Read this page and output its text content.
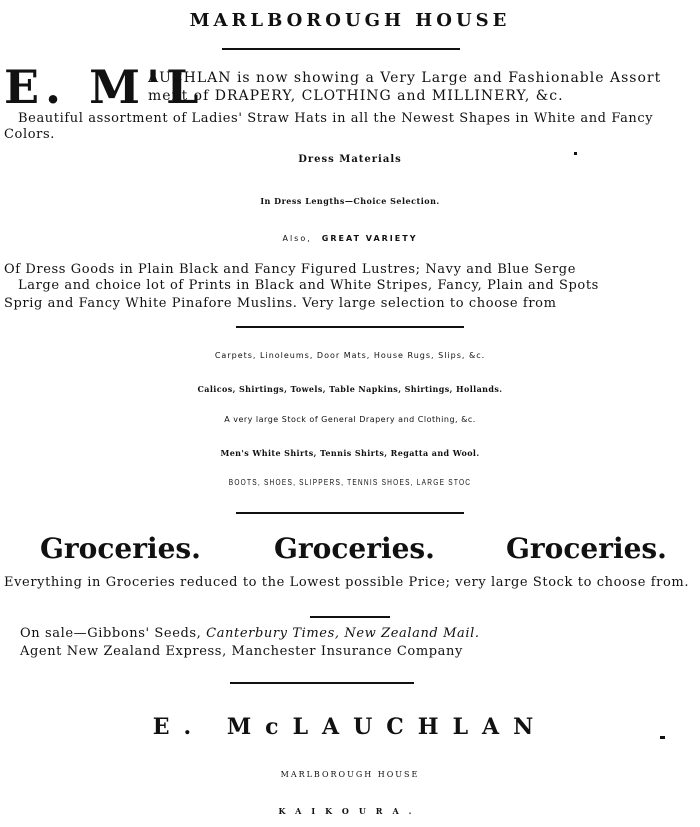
MARLBOROUGH HOUSE
E. M'L
AUCHLAN is now showing a Very Large and Fashionable Assort
ment of DRAPERY, CLOTHING and MILLINERY, &c.
Beautiful assortment of Ladies' Straw Hats in all the Newest Shapes in White and Fancy Colors.
Dress Materials
In Dress Lengths—Choice Selection.
Also, GREAT VARIETY
Of Dress Goods in Plain Black and Fancy Figured Lustres; Navy and Blue Serge
Large and choice lot of Prints in Black and White Stripes, Fancy, Plain and Spots
Sprig and Fancy White Pinafore Muslins. Very large selection to choose from
Carpets, Linoleums, Door Mats, House Rugs, Slips, &c.
Calicos, Shirtings, Towels, Table Napkins, Shirtings, Hollands.
A very large Stock of General Drapery and Clothing, &c.
Men's White Shirts, Tennis Shirts, Regatta and Wool.
BOOTS, SHOES, SLIPPERS, TENNIS SHOES, LARGE STOC
Groceries.	Groceries.	Groceries.
Everything in Groceries reduced to the Lowest possible Price; very large Stock to choose from.
On sale—Gibbons' Seeds, Canterbury Times, New Zealand Mail.
Agent New Zealand Express, Manchester Insurance Company
E. McLAUCHLAN
MARLBOROUGH HOUSE
KAIKOURA.
